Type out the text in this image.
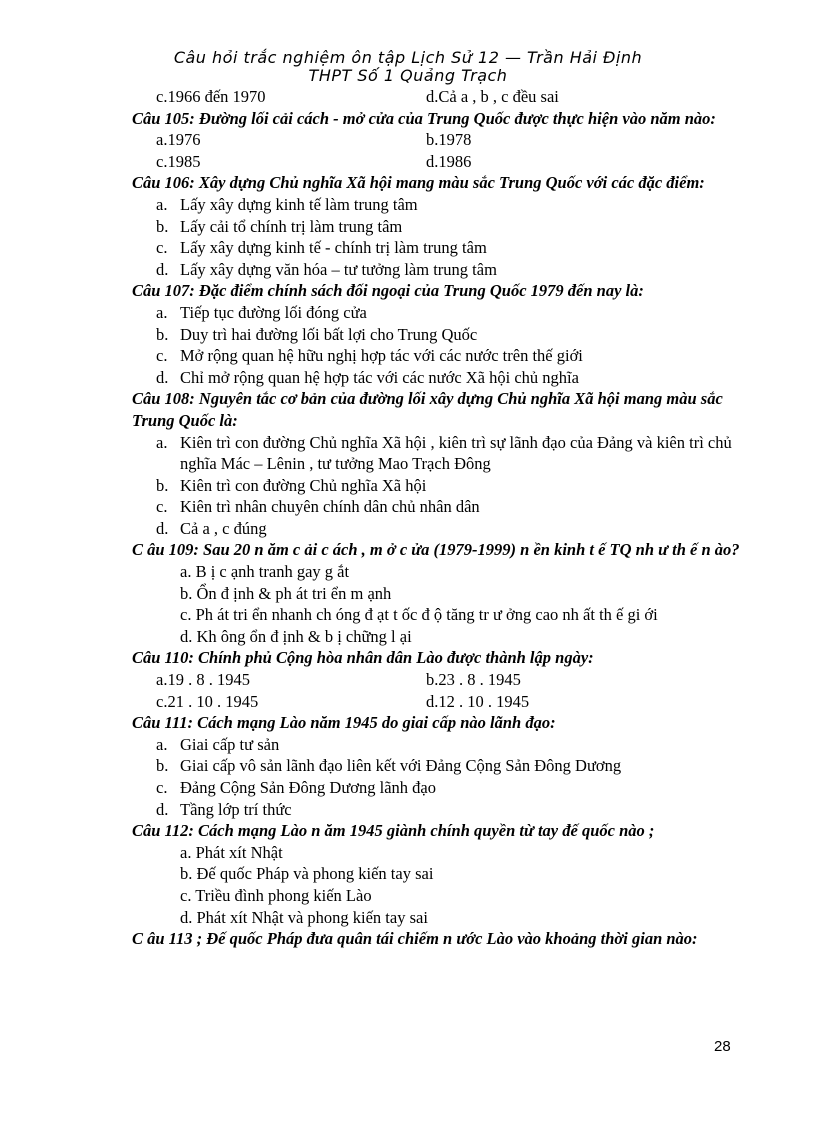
Câu hỏi trắc nghiệm ôn tập Lịch Sử 12 — Trần Hải Định
THPT Số 1 Quảng Trạch
c.1966 đến 1970	d.Cả a , b , c đều sai
Câu 105: Đường lối cải cách - mở cửa của Trung Quốc được thực hiện vào năm nào:
a.1976	b.1978
c.1985	d.1986
Câu 106: Xây dựng Chủ nghĩa Xã hội mang màu sắc Trung Quốc với các đặc điểm:
a. Lấy xây dựng kinh tế làm trung tâm
b. Lấy cải tổ chính trị làm trung tâm
c. Lấy xây dựng kinh tế - chính trị làm trung tâm
d. Lấy xây dựng văn hóa – tư tưởng làm trung tâm
Câu 107: Đặc điểm chính sách đối ngoại của Trung Quốc 1979 đến nay là:
a. Tiếp tục đường lối đóng cửa
b. Duy trì hai đường lối bất lợi cho Trung Quốc
c. Mở rộng quan hệ hữu nghị hợp tác với các nước trên thế giới
d. Chỉ mở rộng quan hệ hợp tác với các nước Xã hội chủ nghĩa
Câu 108: Nguyên tắc cơ bản của đường lối xây dựng Chủ nghĩa Xã hội mang màu sắc Trung Quốc là:
a. Kiên trì con đường Chủ nghĩa Xã hội , kiên trì sự lãnh đạo của Đảng và kiên trì chủ nghĩa Mác – Lênin , tư tưởng Mao Trạch Đông
b. Kiên trì con đường Chủ nghĩa Xã hội
c. Kiên trì nhân chuyên chính dân chủ nhân dân
d. Cả a , c đúng
C âu 109: Sau 20 n ăm c ải c ách , m ở c ửa (1979-1999) n ền kinh t ế TQ nh ư th ế n ào?
a. B ị c ạnh tranh gay g ắt
b. Ổn đ ịnh & ph át tri ển m ạnh
c. Ph át tri ển nhanh ch óng đ ạt t ốc đ ộ tăng tr ư ởng cao nh ất th ế gi ới
d. Kh ông ổn đ ịnh & b ị chững l ại
Câu 110: Chính phủ Cộng hòa nhân dân Lào được thành lập ngày:
a.19 . 8 . 1945	b.23 . 8 . 1945
c.21 . 10 . 1945	d.12 . 10 . 1945
Câu 111: Cách mạng Lào năm 1945 do giai cấp nào lãnh đạo:
a. Giai cấp tư sản
b. Giai cấp vô sản lãnh đạo liên kết với Đảng Cộng Sản Đông Dương
c. Đảng Cộng Sản Đông Dương lãnh đạo
d. Tầng lớp trí thức
Câu 112: Cách mạng Lào n ăm 1945 giành chính quyền từ tay đế quốc nào ;
a. Phát xít Nhật
b. Đế quốc Pháp và phong kiến tay sai
c. Triều đình phong kiến Lào
d. Phát xít Nhật và phong kiến tay sai
C âu 113 ; Đế quốc Pháp đưa quân tái chiếm n ước Lào vào khoảng thời gian nào:
28
